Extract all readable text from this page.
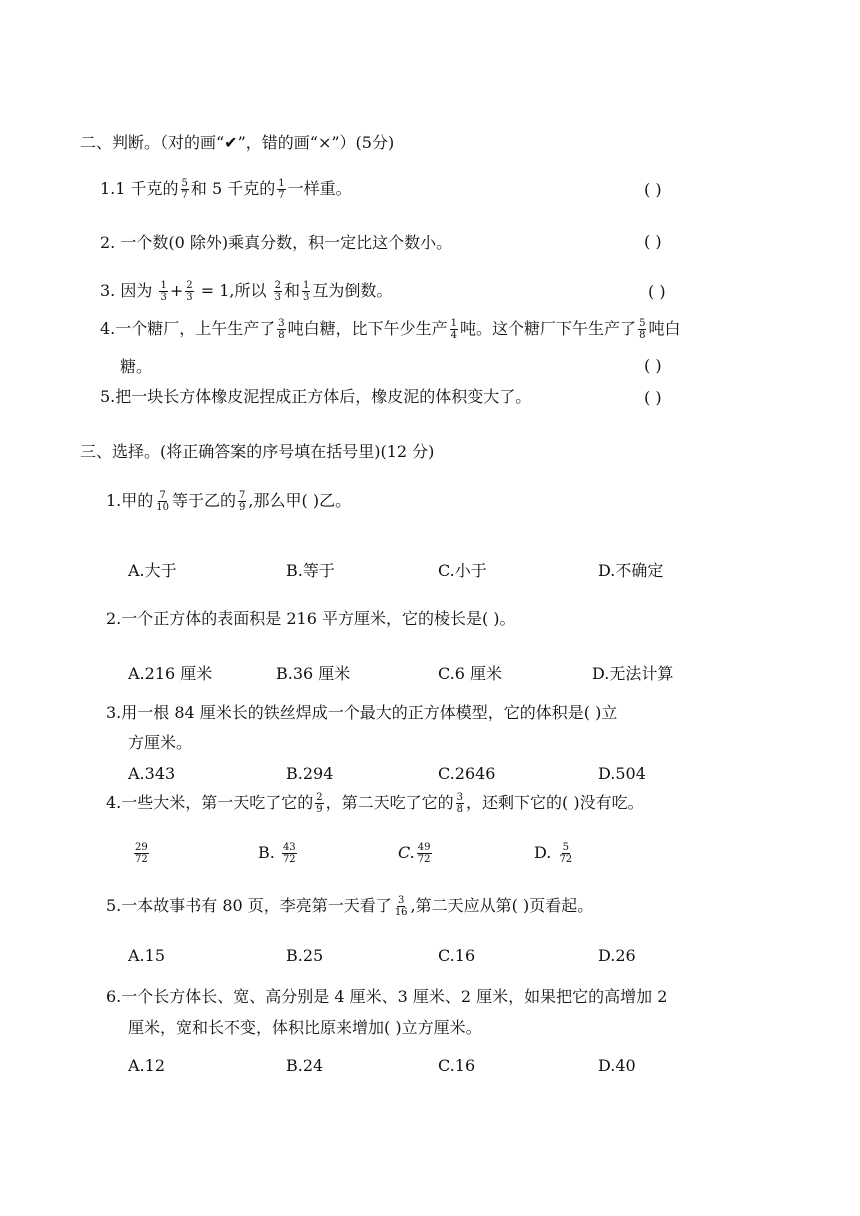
二、判断。（对的画“✔”，错的画“×”）(5分)
1.1 千克的 $\frac{5}{7}$ 和 5 千克的 $\frac{1}{7}$ 一样重。	( )
2. 一个数(0 除外)乘真分数，积一定比这个数小。	( )
3. 因为 $\frac{1}{3} + \frac{2}{3} = 1$,所以 $\frac{2}{3}$ 和 $\frac{1}{3}$ 互为倒数。	( )
4.一个糖厂，上午生产了 $\frac{3}{8}$ 吨白糖，比下午少生产 $\frac{1}{4}$ 吨。这个糖厂下午生产了 $\frac{5}{8}$ 吨白
糖。	( )
5.把一块长方体橡皮泥捏成正方体后，橡皮泥的体积变大了。	( )
三、选择。(将正确答案的序号填在括号里)(12 分)
1.甲的 $\frac{7}{10}$ 等于乙的 $\frac{7}{9}$ ,那么甲( )乙。
A.大于	B.等于	C.小于	D.不确定
2.一个正方体的表面积是 216 平方厘米，它的棱长是( )。
A.216 厘米	B.36 厘米	C.6 厘米	D.无法计算
3.用一根 84 厘米长的铁丝焊成一个最大的正方体模型，它的体积是( )立
方厘米。
A.343	B.294	C.2646	D.504
4.一些大米，第一天吃了它的 $\frac{2}{9}$ ，第二天吃了它的 $\frac{3}{8}$ ，还剩下它的( )没有吃。
$\frac{29}{72}$	B. $\frac{43}{72}$	C. $\frac{49}{72}$	D. $\frac{5}{72}$
5.一本故事书有 80 页，李亮第一天看了 $\frac{3}{16}$ ,第二天应从第( )页看起。
A.15	B.25	C.16	D.26
6.一个长方体长、宽、高分别是 4 厘米、3 厘米、2 厘米，如果把它的高增加 2
厘米，宽和长不变，体积比原来增加( )立方厘米。
A.12	B.24	C.16	D.40
